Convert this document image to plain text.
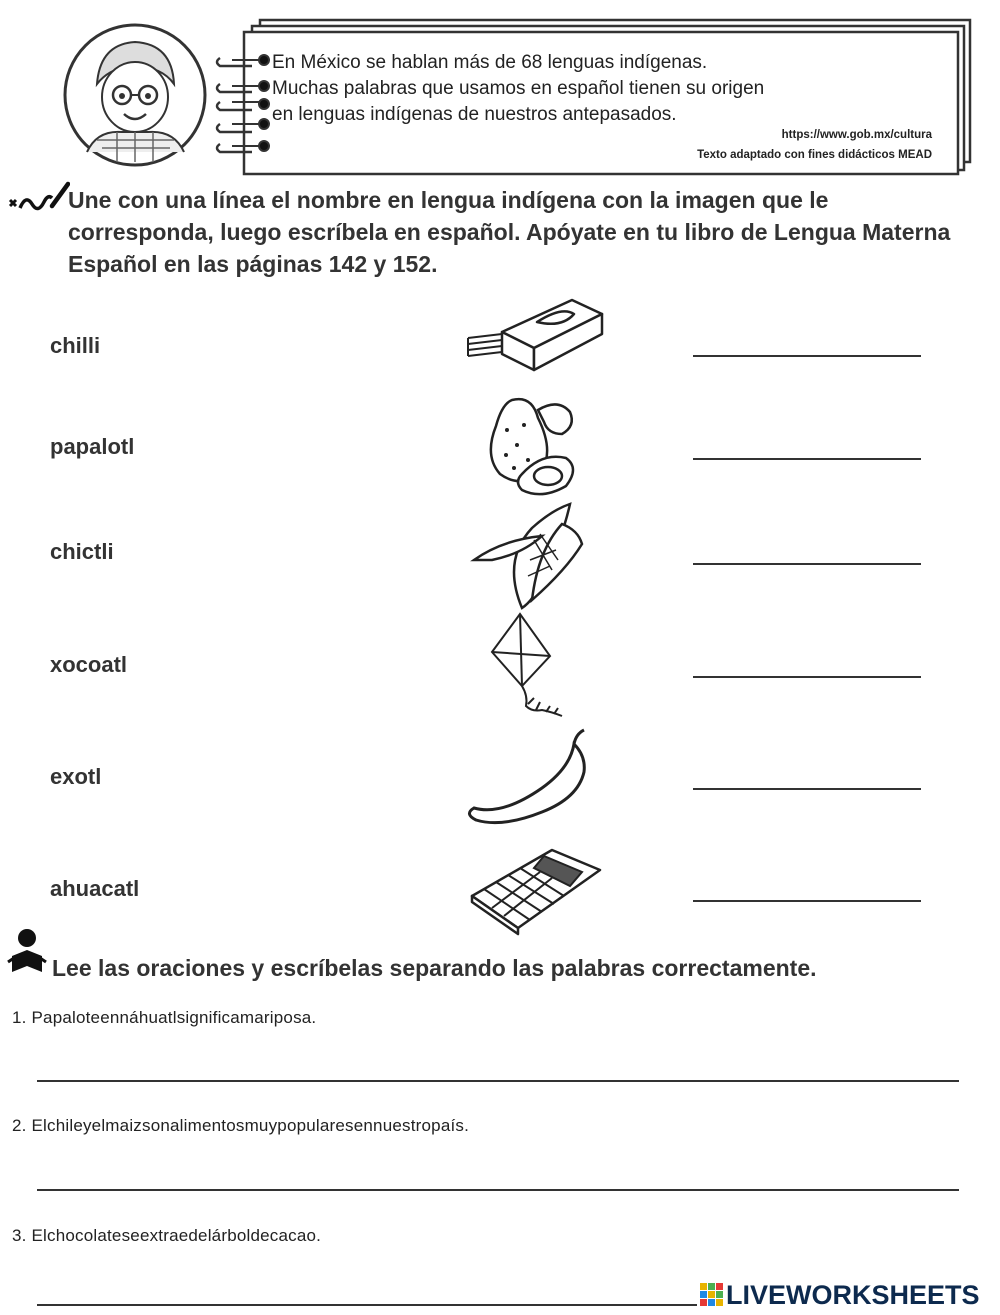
En México se hablan más de 68 lenguas indígenas.
Muchas palabras que usamos en español tienen su origen
en lenguas indígenas de nuestros antepasados.
https://www.gob.mx/cultura
Texto adaptado con fines didácticos MEAD
Une con una línea el nombre en lengua indígena con la imagen que le corresponda, luego escríbela en español. Apóyate en tu libro de Lengua Materna Español en las páginas 142 y 152.
chilli
papalotl
chictli
xocoatl
exotl
ahuacatl
Lee las oraciones y escríbelas separando las palabras correctamente.
1. Papaloteennáhuatlsignificamariposa.
2. Elchileyelmaizsonalimentosmuypopularesennuestropaís.
3. Elchocolateseextraedelárboldecacao.
LIVEWORKSHEETS
